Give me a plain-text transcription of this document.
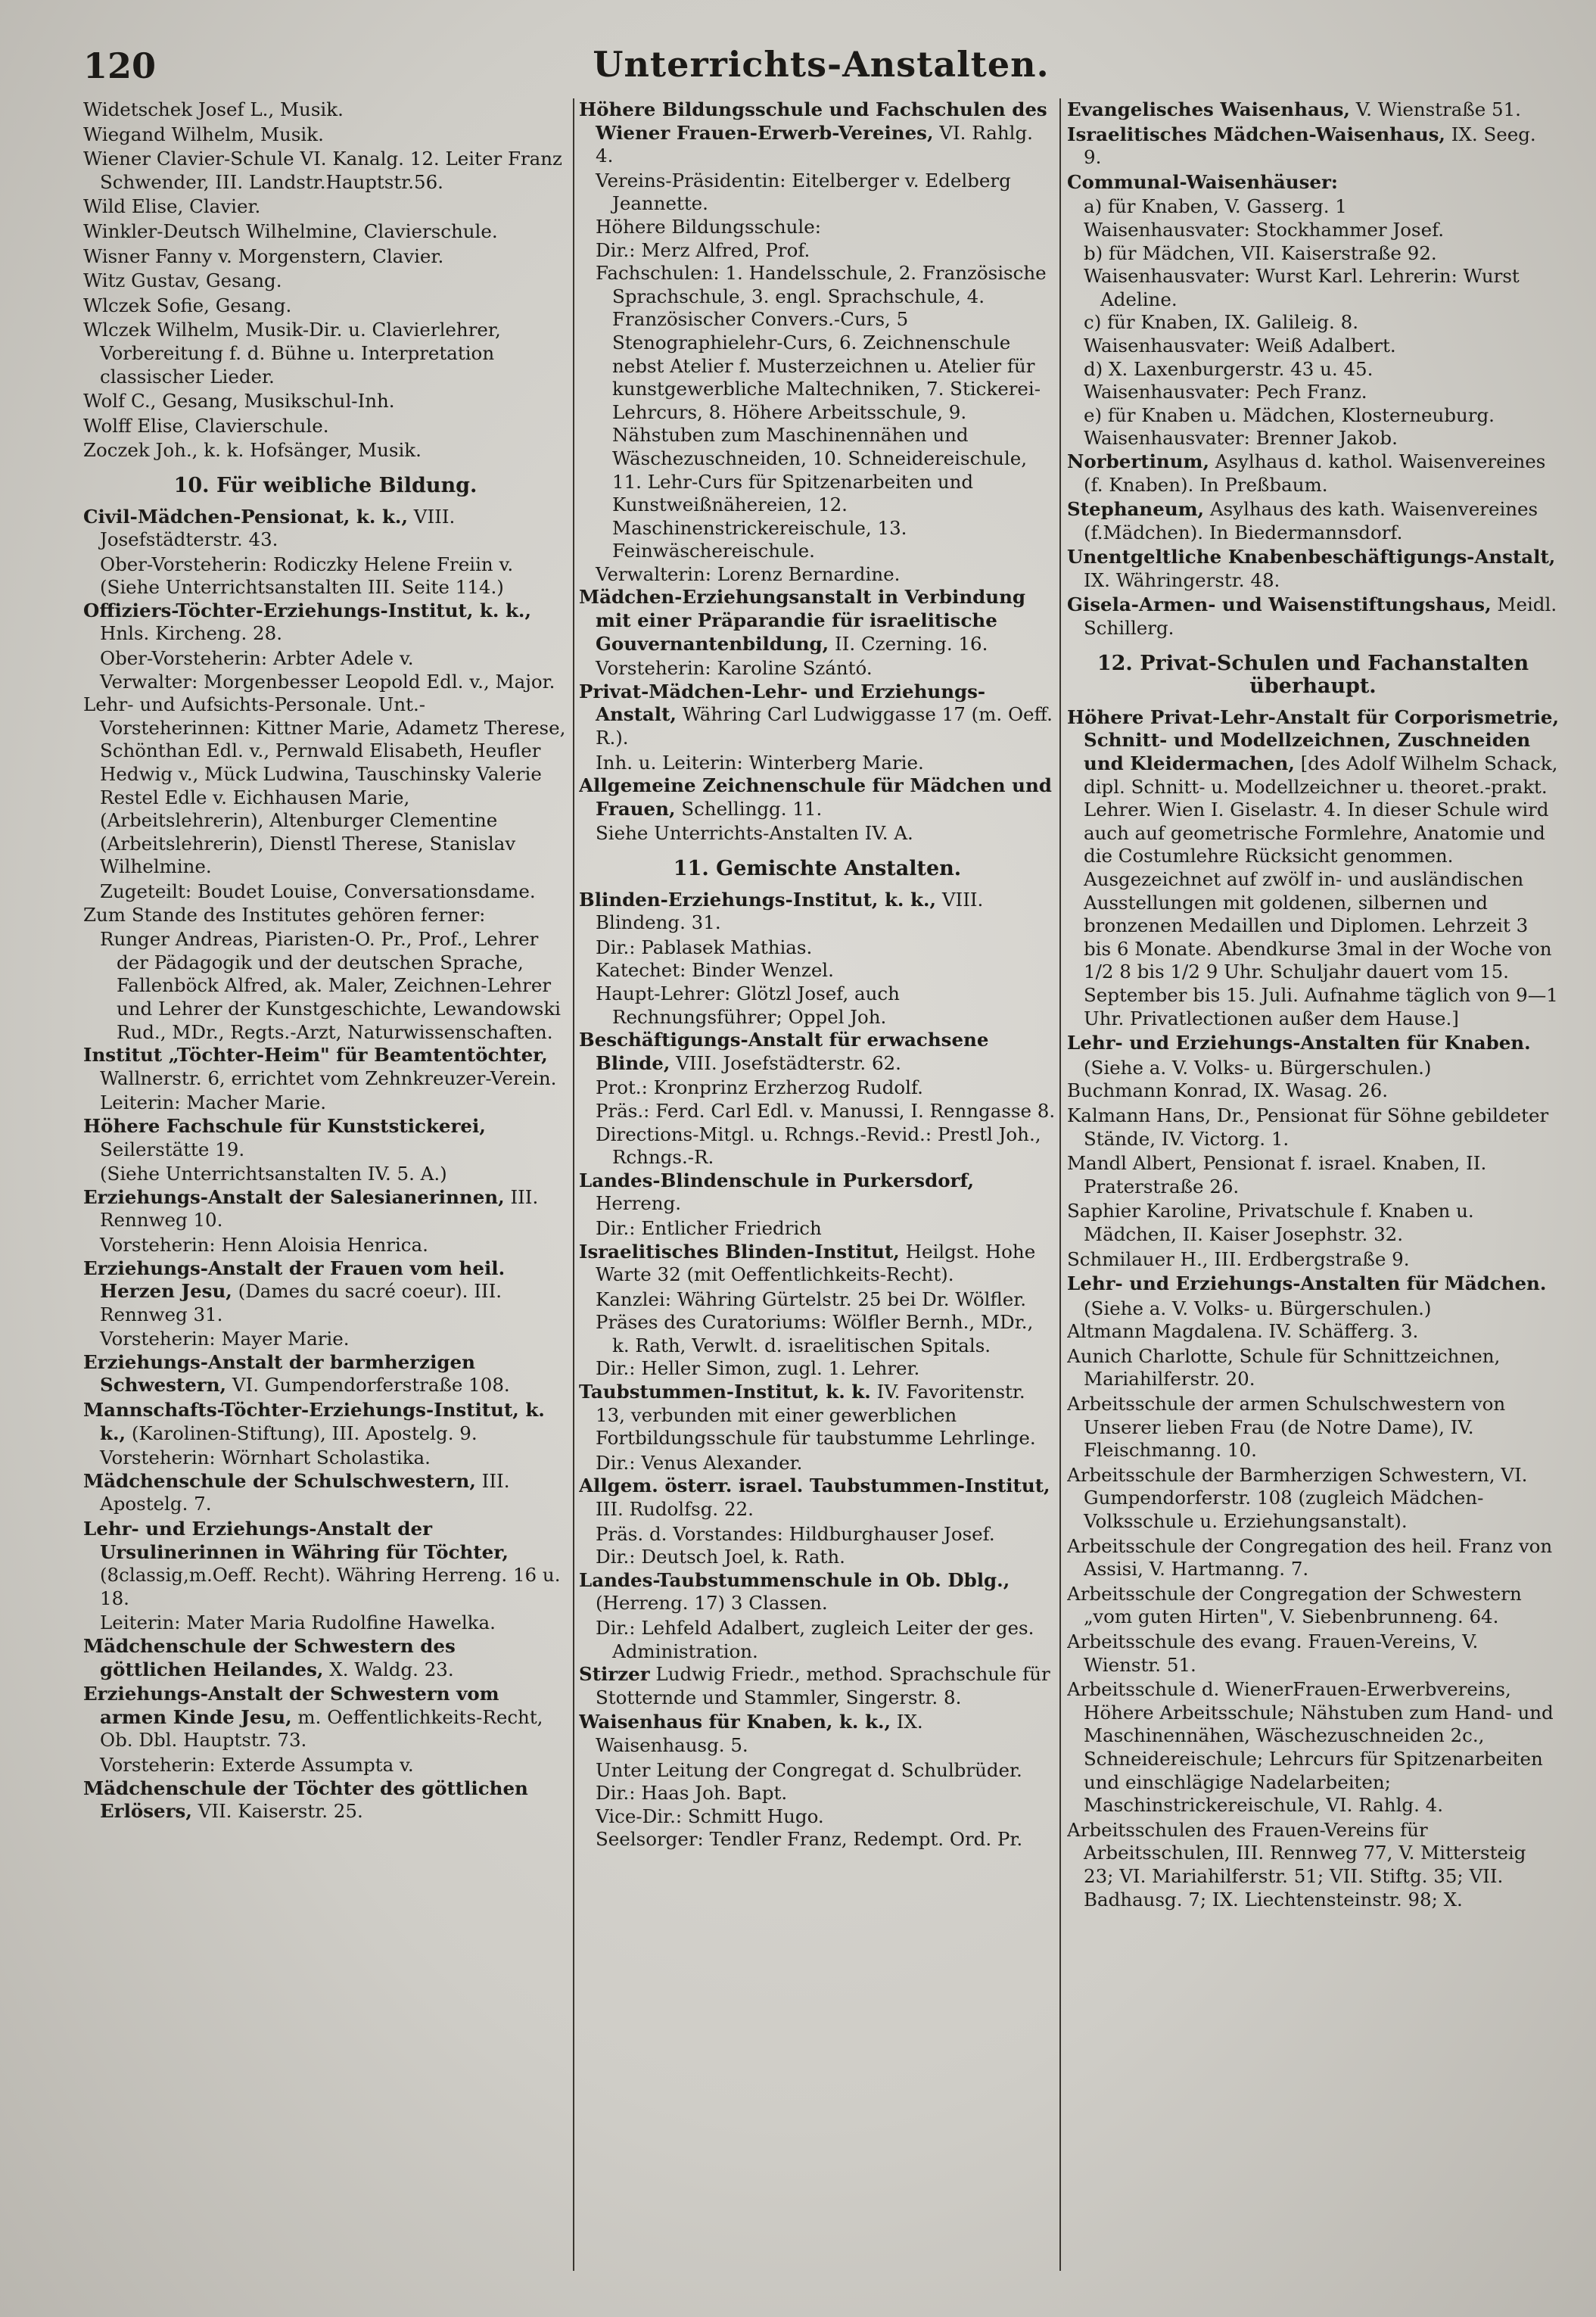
120	Unterrichts-Anstalten.
Widetschek Josef L., Musik.
Wiegand Wilhelm, Musik.
Wiener Clavier-Schule VI. Kanalg. 12. Leiter Franz Schwender, III. Landstr.Hauptstr.56.
Wild Elise, Clavier.
Winkler-Deutsch Wilhelmine, Clavierschule.
Wisner Fanny v. Morgenstern, Clavier.
Witz Gustav, Gesang.
Wlczek Sofie, Gesang.
Wlczek Wilhelm, Musik-Dir. u. Clavierlehrer, Vorbereitung f. d. Bühne u. Interpretation classischer Lieder.
Wolf C., Gesang, Musikschul-Inh.
Wolff Elise, Clavierschule.
Zoczek Joh., k. k. Hofsänger, Musik.
10. Für weibliche Bildung.
Civil-Mädchen-Pensionat, k. k., VIII. Josefstädterstr. 43.
Ober-Vorsteherin: Rodiczky Helene Freiin v.
(Siehe Unterrichtsanstalten III. Seite 114.)
Offiziers-Töchter-Erziehungs-Institut, k. k., Hnls. Kircheng. 28.
Ober-Vorsteherin: Arbter Adele v.
Verwalter: Morgenbesser Leopold Edl. v., Major.
Lehr- und Aufsichts-Personale. Unt.-Vorsteherinnen: Kittner Marie, Adametz Therese, Schönthan Edl. v., Pernwald Elisabeth, Heufler Hedwig v., Mück Ludwina, Tauschinsky Valerie Restel Edle v. Eichhausen Marie, (Arbeitslehrerin), Altenburger Clementine (Arbeitslehrerin), Dienstl Therese, Stanislav Wilhelmine.
Zugeteilt: Boudet Louise, Conversationsdame.
Zum Stande des Institutes gehören ferner:
Runger Andreas, Piaristen-O. Pr., Prof., Lehrer der Pädagogik und der deutschen Sprache, Fallenböck Alfred, ak. Maler, Zeichnen-Lehrer und Lehrer der Kunstgeschichte, Lewandowski Rud., MDr., Regts.-Arzt, Naturwissenschaften.
Institut „Töchter-Heim" für Beamtentöchter, Wallnerstr. 6, errichtet vom Zehnkreuzer-Verein.
Leiterin: Macher Marie.
Höhere Fachschule für Kunststickerei, Seilerstätte 19.
(Siehe Unterrichtsanstalten IV. 5. A.)
Erziehungs-Anstalt der Salesianerinnen, III. Rennweg 10.
Vorsteherin: Henn Aloisia Henrica.
Erziehungs-Anstalt der Frauen vom heil. Herzen Jesu, (Dames du sacré coeur). III. Rennweg 31.
Vorsteherin: Mayer Marie.
Erziehungs-Anstalt der barmherzigen Schwestern, VI. Gumpendorferstraße 108.
Mannschafts-Töchter-Erziehungs-Institut, k. k., (Karolinen-Stiftung), III. Apostelg. 9.
Vorsteherin: Wörnhart Scholastika.
Mädchenschule der Schulschwestern, III. Apostelg. 7.
Lehr- und Erziehungs-Anstalt der Ursulinerinnen in Währing für Töchter, (8classig,m.Oeff. Recht). Währing Herreng. 16 u. 18.
Leiterin: Mater Maria Rudolfine Hawelka.
Mädchenschule der Schwestern des göttlichen Heilandes, X. Waldg. 23.
Erziehungs-Anstalt der Schwestern vom armen Kinde Jesu, m. Oeffentlichkeits-Recht, Ob. Dbl. Hauptstr. 73.
Vorsteherin: Exterde Assumpta v.
Mädchenschule der Töchter des göttlichen Erlösers, VII. Kaiserstr. 25.
Höhere Bildungsschule und Fachschulen des Wiener Frauen-Erwerb-Vereines, VI. Rahlg. 4.
Vereins-Präsidentin: Eitelberger v. Edelberg Jeannette.
Höhere Bildungsschule:
Dir.: Merz Alfred, Prof.
Fachschulen: 1. Handelsschule, 2. Französische Sprachschule, 3. engl. Sprachschule, 4. Französischer Convers.-Curs, 5 Stenographielehr-Curs, 6. Zeichnenschule nebst Atelier f. Musterzeichnen u. Atelier für kunstgewerbliche Maltechniken, 7. Stickerei-Lehrcurs, 8. Höhere Arbeitsschule, 9. Nähstuben zum Maschinennähen und Wäschezuschneiden, 10. Schneidereischule, 11. Lehr-Curs für Spitzenarbeiten und Kunstweißnähereien, 12. Maschinenstrickereischule, 13. Feinwäschereischule.
Verwalterin: Lorenz Bernardine.
Mädchen-Erziehungsanstalt in Verbindung mit einer Präparandie für israelitische Gouvernantenbildung, II. Czerning. 16.
Vorsteherin: Karoline Szántó.
Privat-Mädchen-Lehr- und Erziehungs-Anstalt, Währing Carl Ludwiggasse 17 (m. Oeff. R.).
Inh. u. Leiterin: Winterberg Marie.
Allgemeine Zeichnenschule für Mädchen und Frauen, Schellingg. 11.
Siehe Unterrichts-Anstalten IV. A.
11. Gemischte Anstalten.
Blinden-Erziehungs-Institut, k. k., VIII. Blindeng. 31.
Dir.: Pablasek Mathias.
Katechet: Binder Wenzel.
Haupt-Lehrer: Glötzl Josef, auch Rechnungsführer; Oppel Joh.
Beschäftigungs-Anstalt für erwachsene Blinde, VIII. Josefstädterstr. 62.
Prot.: Kronprinz Erzherzog Rudolf.
Präs.: Ferd. Carl Edl. v. Manussi, I. Renngasse 8.
Directions-Mitgl. u. Rchngs.-Revid.: Prestl Joh., Rchngs.-R.
Landes-Blindenschule in Purkersdorf, Herreng.
Dir.: Entlicher Friedrich
Israelitisches Blinden-Institut, Heilgst. Hohe Warte 32 (mit Oeffentlichkeits-Recht).
Kanzlei: Währing Gürtelstr. 25 bei Dr. Wölfler.
Präses des Curatoriums: Wölfler Bernh., MDr., k. Rath, Verwlt. d. israelitischen Spitals.
Dir.: Heller Simon, zugl. 1. Lehrer.
Taubstummen-Institut, k. k. IV. Favoritenstr. 13, verbunden mit einer gewerblichen Fortbildungsschule für taubstumme Lehrlinge.
Dir.: Venus Alexander.
Allgem. österr. israel. Taubstummen-Institut, III. Rudolfsg. 22.
Präs. d. Vorstandes: Hildburghauser Josef.
Dir.: Deutsch Joel, k. Rath.
Landes-Taubstummenschule in Ob. Dblg., (Herreng. 17) 3 Classen.
Dir.: Lehfeld Adalbert, zugleich Leiter der ges. Administration.
Stirzer Ludwig Friedr., method. Sprachschule für Stotternde und Stammler, Singerstr. 8.
Waisenhaus für Knaben, k. k., IX. Waisenhausg. 5.
Unter Leitung der Congregat d. Schulbrüder.
Dir.: Haas Joh. Bapt.
Vice-Dir.: Schmitt Hugo.
Seelsorger: Tendler Franz, Redempt. Ord. Pr.
Evangelisches Waisenhaus, V. Wienstraße 51.
Israelitisches Mädchen-Waisenhaus, IX. Seeg. 9.
Communal-Waisenhäuser:
a) für Knaben, V. Gasserg. 1
Waisenhausvater: Stockhammer Josef.
b) für Mädchen, VII. Kaiserstraße 92.
Waisenhausvater: Wurst Karl. Lehrerin: Wurst Adeline.
c) für Knaben, IX. Galileig. 8.
Waisenhausvater: Weiß Adalbert.
d) X. Laxenburgerstr. 43 u. 45.
Waisenhausvater: Pech Franz.
e) für Knaben u. Mädchen, Klosterneuburg.
Waisenhausvater: Brenner Jakob.
Norbertinum, Asylhaus d. kathol. Waisenvereines (f. Knaben). In Preßbaum.
Stephaneum, Asylhaus des kath. Waisenvereines (f.Mädchen). In Biedermannsdorf.
Unentgeltliche Knabenbeschäftigungs-Anstalt, IX. Währingerstr. 48.
Gisela-Armen- und Waisenstiftungshaus, Meidl. Schillerg.
12. Privat-Schulen und Fachanstalten überhaupt.
Höhere Privat-Lehr-Anstalt für Corporismetrie, Schnitt- und Modellzeichnen, Zuschneiden und Kleidermachen, [des Adolf Wilhelm Schack, dipl. Schnitt- u. Modellzeichner u. theoret.-prakt. Lehrer. Wien I. Giselastr. 4. In dieser Schule wird auch auf geometrische Formlehre, Anatomie und die Costumlehre Rücksicht genommen. Ausgezeichnet auf zwölf in- und ausländischen Ausstellungen mit goldenen, silbernen und bronzenen Medaillen und Diplomen. Lehrzeit 3 bis 6 Monate. Abendkurse 3mal in der Woche von 1/2 8 bis 1/2 9 Uhr. Schuljahr dauert vom 15. September bis 15. Juli. Aufnahme täglich von 9—1 Uhr. Privatlectionen außer dem Hause.]
Lehr- und Erziehungs-Anstalten für Knaben.
(Siehe a. V. Volks- u. Bürgerschulen.)
Buchmann Konrad, IX. Wasag. 26.
Kalmann Hans, Dr., Pensionat für Söhne gebildeter Stände, IV. Victorg. 1.
Mandl Albert, Pensionat f. israel. Knaben, II. Praterstraße 26.
Saphier Karoline, Privatschule f. Knaben u. Mädchen, II. Kaiser Josephstr. 32.
Schmilauer H., III. Erdbergstraße 9.
Lehr- und Erziehungs-Anstalten für Mädchen.
(Siehe a. V. Volks- u. Bürgerschulen.)
Altmann Magdalena. IV. Schäfferg. 3.
Aunich Charlotte, Schule für Schnittzeichnen, Mariahilferstr. 20.
Arbeitsschule der armen Schulschwestern von Unserer lieben Frau (de Notre Dame), IV. Fleischmanng. 10.
Arbeitsschule der Barmherzigen Schwestern, VI. Gumpendorferstr. 108 (zugleich Mädchen-Volksschule u. Erziehungsanstalt).
Arbeitsschule der Congregation des heil. Franz von Assisi, V. Hartmanng. 7.
Arbeitsschule der Congregation der Schwestern „vom guten Hirten", V. Siebenbrunneng. 64.
Arbeitsschule des evang. Frauen-Vereins, V. Wienstr. 51.
Arbeitsschule d. WienerFrauen-Erwerbvereins, Höhere Arbeitsschule; Nähstuben zum Hand- und Maschinennähen, Wäschezuschneiden 2c., Schneidereischule; Lehrcurs für Spitzenarbeiten und einschlägige Nadelarbeiten; Maschinstrickereischule, VI. Rahlg. 4.
Arbeitsschulen des Frauen-Vereins für Arbeitsschulen, III. Rennweg 77, V. Mittersteig 23; VI. Mariahilferstr. 51; VII. Stiftg. 35; VII. Badhausg. 7; IX. Liechtensteinstr. 98; X.
